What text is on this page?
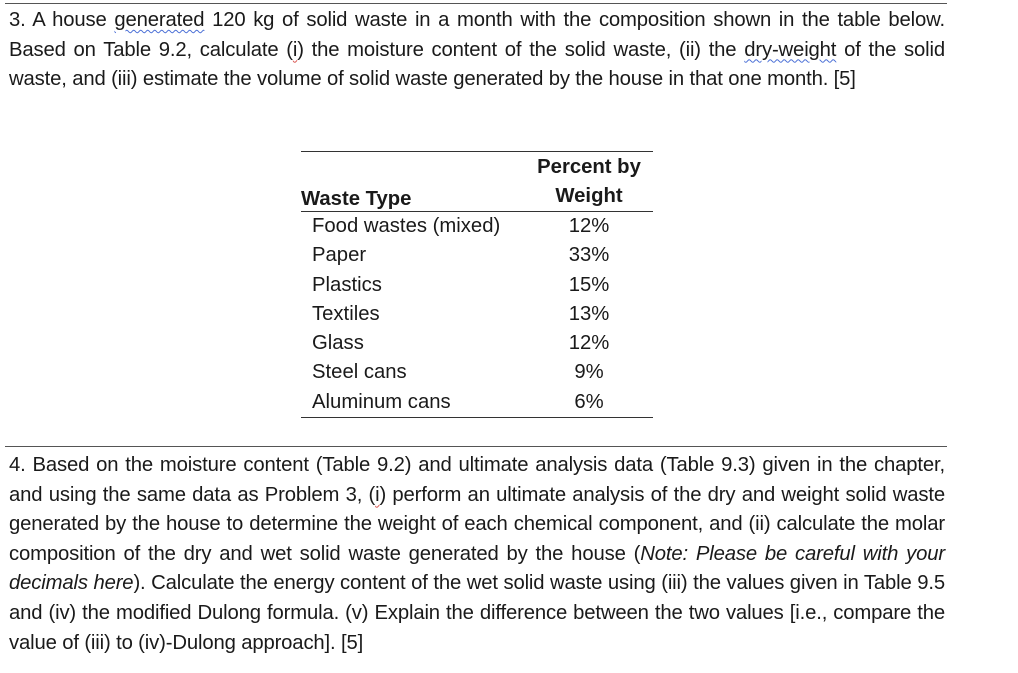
3. A house generated 120 kg of solid waste in a month with the composition shown in the table below. Based on Table 9.2, calculate (i) the moisture content of the solid waste, (ii) the dry-weight of the solid waste, and (iii) estimate the volume of solid waste generated by the house in that one month. [5]

Waste Type	Percent by Weight
Food wastes (mixed)	12%
Paper	33%
Plastics	15%
Textiles	13%
Glass	12%
Steel cans	9%
Aluminum cans	6%

4. Based on the moisture content (Table 9.2) and ultimate analysis data (Table 9.3) given in the chapter, and using the same data as Problem 3, (i) perform an ultimate analysis of the dry and weight solid waste generated by the house to determine the weight of each chemical component, and (ii) calculate the molar composition of the dry and wet solid waste generated by the house (Note: Please be careful with your decimals here). Calculate the energy content of the wet solid waste using (iii) the values given in Table 9.5 and (iv) the modified Dulong formula. (v) Explain the difference between the two values [i.e., compare the value of (iii) to (iv)-Dulong approach]. [5]
